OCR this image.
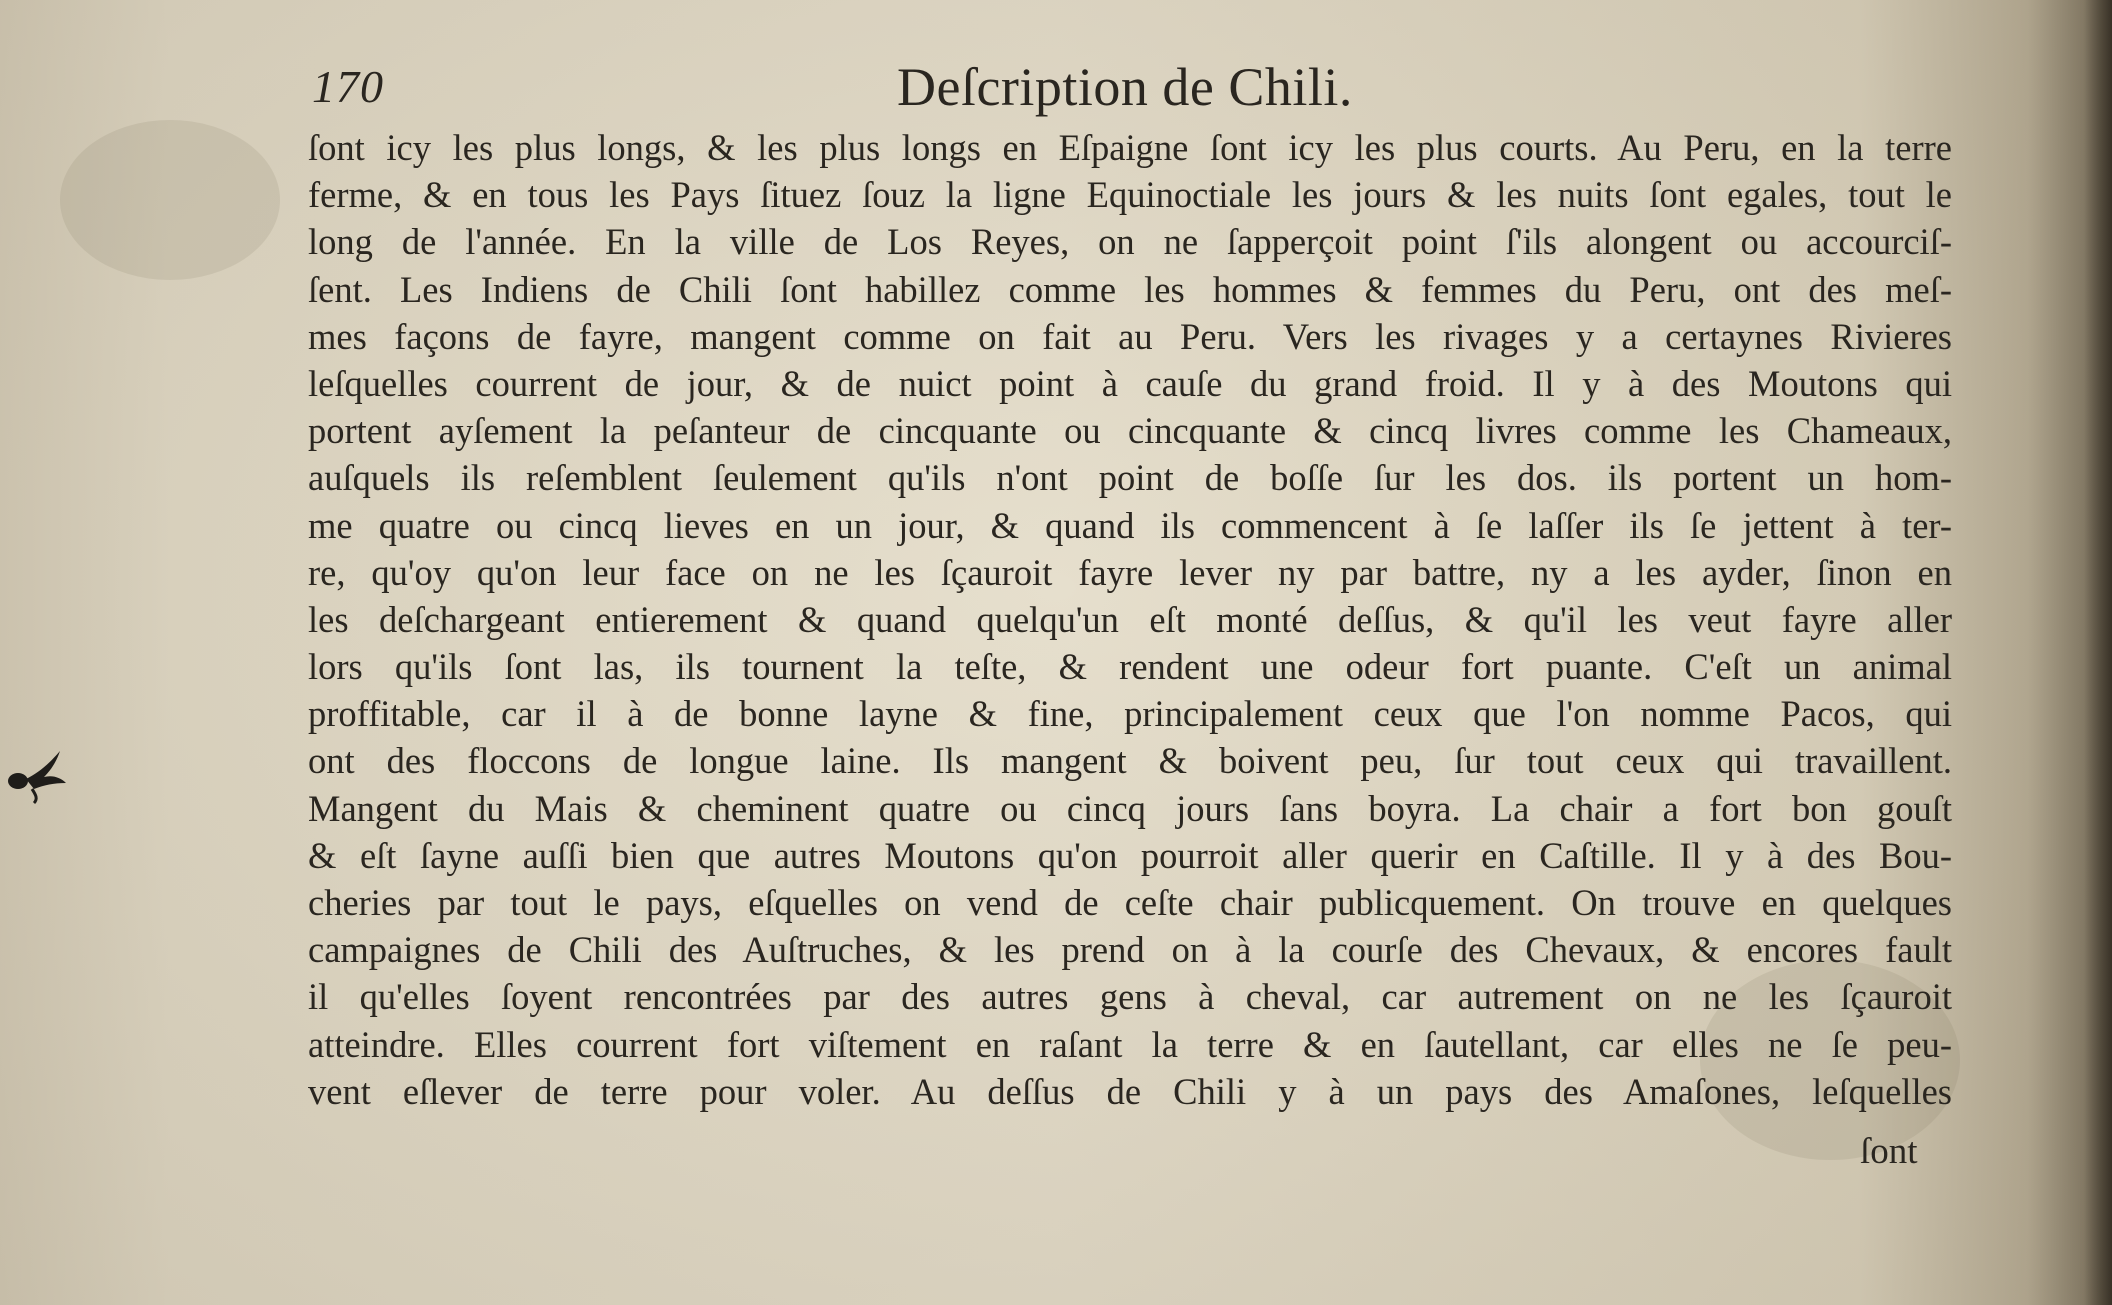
170	Deſcription de Chili.
ſont icy les plus longs, & les plus longs en Eſpaigne ſont icy les plus courts. Au Peru, en la terre
ferme, & en tous les Pays ſituez ſouz la ligne Equinoctiale les jours & les nuits ſont egales, tout le
long de l'année. En la ville de Los Reyes, on ne ſapperçoit point ſ'ils alongent ou accourciſ-
ſent. Les Indiens de Chili ſont habillez comme les hommes & femmes du Peru, ont des meſ-
mes façons de fayre, mangent comme on fait au Peru. Vers les rivages y a certaynes Rivieres
leſquelles courrent de jour, & de nuict point à cauſe du grand froid. Il y à des Moutons qui
portent ayſement la peſanteur de cincquante ou cincquante & cincq livres comme les Chameaux,
auſquels ils reſemblent ſeulement qu'ils n'ont point de boſſe ſur les dos. ils portent un hom-
me quatre ou cincq lieves en un jour, & quand ils commencent à ſe laſſer ils ſe jettent à ter-
re, qu'oy qu'on leur face on ne les ſçauroit fayre lever ny par battre, ny a les ayder, ſinon en
les deſchargeant entierement & quand quelqu'un eſt monté deſſus, & qu'il les veut fayre aller
lors qu'ils ſont las, ils tournent la teſte, & rendent une odeur fort puante. C'eſt un animal
proffitable, car il à de bonne layne & fine, principalement ceux que l'on nomme Pacos, qui
ont des floccons de longue laine. Ils mangent & boivent peu, ſur tout ceux qui travaillent.
Mangent du Mais & cheminent quatre ou cincq jours ſans boyra. La chair a fort bon gouſt
& eſt ſayne auſſi bien que autres Moutons qu'on pourroit aller querir en Caſtille. Il y à des Bou-
cheries par tout le pays, eſquelles on vend de ceſte chair publicquement. On trouve en quelques
campaignes de Chili des Auſtruches, & les prend on à la courſe des Chevaux, & encores fault
il qu'elles ſoyent rencontrées par des autres gens à cheval, car autrement on ne les ſçauroit
atteindre. Elles courrent fort viſtement en raſant la terre & en ſautellant, car elles ne ſe peu-
vent eſlever de terre pour voler. Au deſſus de Chili y à un pays des Amaſones, leſquelles
ſont
